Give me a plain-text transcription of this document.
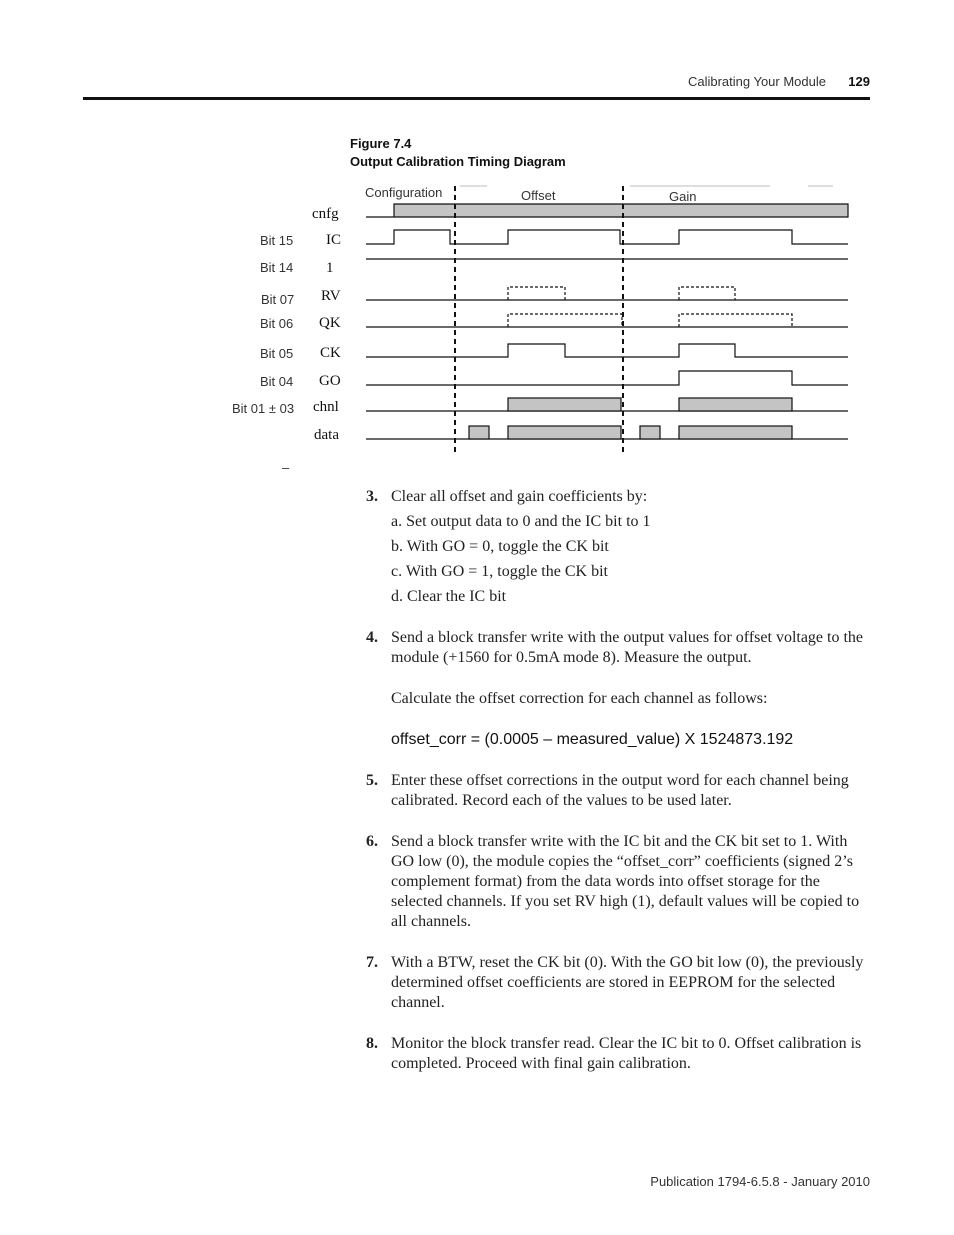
Calibrating Your Module	129
Figure 7.4
Output Calibration Timing Diagram
Configuration	Offset	Gain
cnfg
IC
1
RV
QK
CK
GO
chnl
data
Bit 15
Bit 14
Bit 07
Bit 06
Bit 05
Bit 04
Bit 01 ± 03
–
3. Clear all offset and gain coefficients by:
a. Set output data to 0 and the IC bit to 1
b. With GO = 0, toggle the CK bit
c. With GO = 1, toggle the CK bit
d. Clear the IC bit
4. Send a block transfer write with the output values for offset voltage to the module (+1560 for 0.5mA mode 8). Measure the output.
Calculate the offset correction for each channel as follows:
offset_corr = (0.0005 – measured_value) X 1524873.192
5. Enter these offset corrections in the output word for each channel being calibrated. Record each of the values to be used later.
6. Send a block transfer write with the IC bit and the CK bit set to 1. With GO low (0), the module copies the “offset_corr” coefficients (signed 2’s complement format) from the data words into offset storage for the selected channels. If you set RV high (1), default values will be copied to all channels.
7. With a BTW, reset the CK bit (0). With the GO bit low (0), the previously determined offset coefficients are stored in EEPROM for the selected channel.
8. Monitor the block transfer read. Clear the IC bit to 0. Offset calibration is completed. Proceed with final gain calibration.
Publication 1794-6.5.8 - January 2010
